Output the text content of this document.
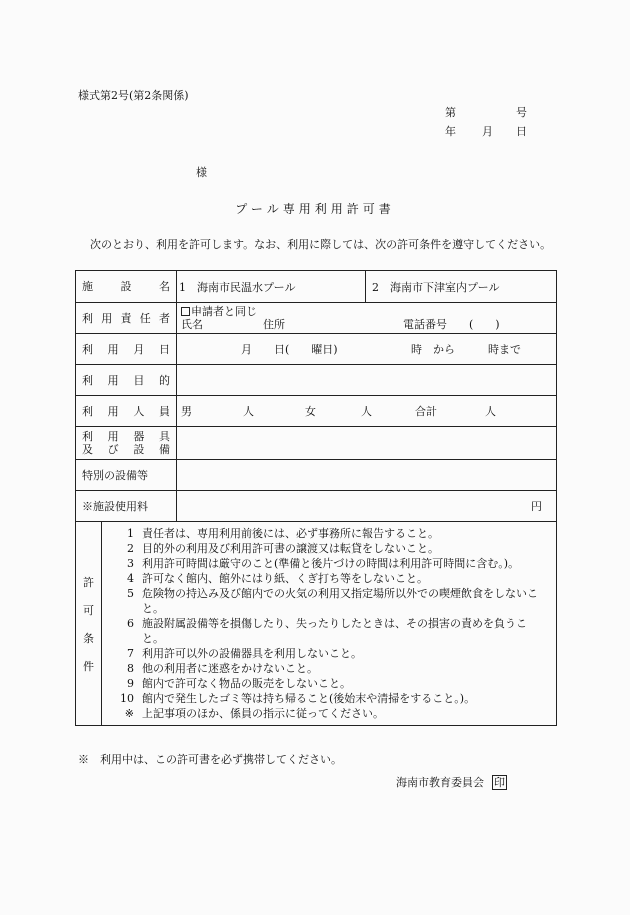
様式第2号(第2条関係)
第	号
年 月 日
様
プール専用利用許可書
次のとおり、利用を許可します。なお、利用に際しては、次の許可条件を遵守してください。
施設名	1　海南市民温水プール	2　海南市下津室内プール

利用責任者	申請者と同じ
氏名	住所	電話番号　　(　　)

利用月日	月　　日(　　曜日)	時　から　　　時まで

利用目的

利用人員	男	人	女	人	合計	人

利用器具
及び設備

特別の設備等

※施設使用料	円

許
可
条
件

1 責任者は、専用利用前後には、必ず事務所に報告すること。
2 目的外の利用及び利用許可書の譲渡又は転貸をしないこと。
3 利用許可時間は厳守のこと(準備と後片づけの時間は利用許可時間に含む。)。
4 許可なく館内、館外にはり紙、くぎ打ち等をしないこと。
5 危険物の持込み及び館内での火気の利用又指定場所以外での喫煙飲食をしないこと。
6 施設附属設備等を損傷したり、失ったりしたときは、その損害の責めを負うこと。
7 利用許可以外の設備器具を利用しないこと。
8 他の利用者に迷惑をかけないこと。
9 館内で許可なく物品の販売をしないこと。
10 館内で発生したゴミ等は持ち帰ること(後始末や清掃をすること。)。
※ 上記事項のほか、係員の指示に従ってください。
※　利用中は、この許可書を必ず携帯してください。
海南市教育委員会 印
